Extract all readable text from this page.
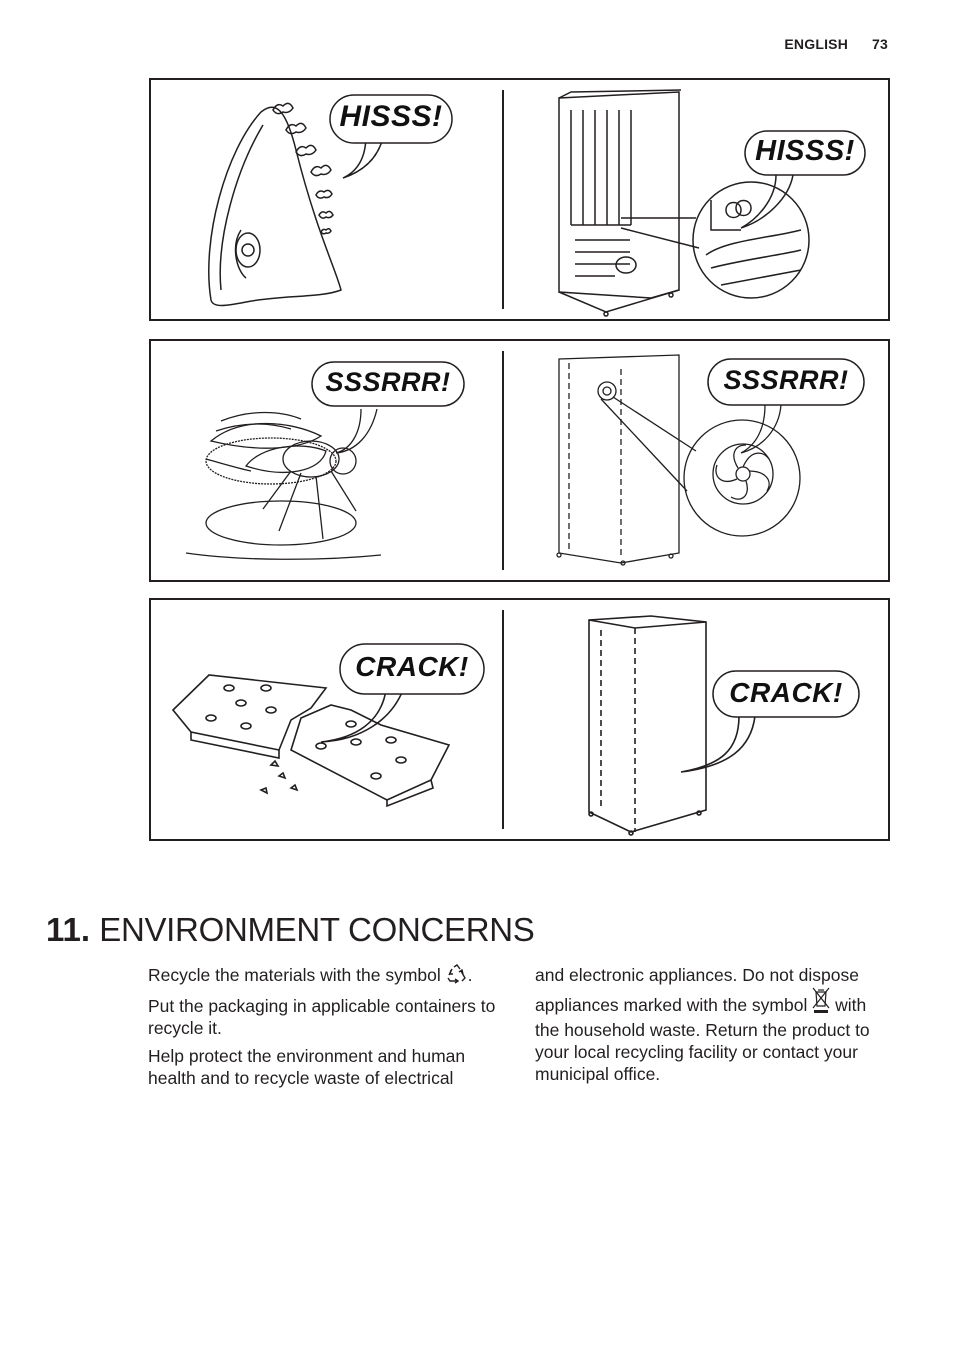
ENGLISH 73
HISSS!
HISSS!
SSSRRR!	SSSRRR!
CRACK!
CRACK!
11. ENVIRONMENT CONCERNS

Recycle the materials with the symbol .

Put the packaging in applicable containers to recycle it.

Help protect the environment and human health and to recycle waste of electrical

and electronic appliances. Do not dispose appliances marked with the symbol with the household waste. Return the product to your local recycling facility or contact your municipal office.
